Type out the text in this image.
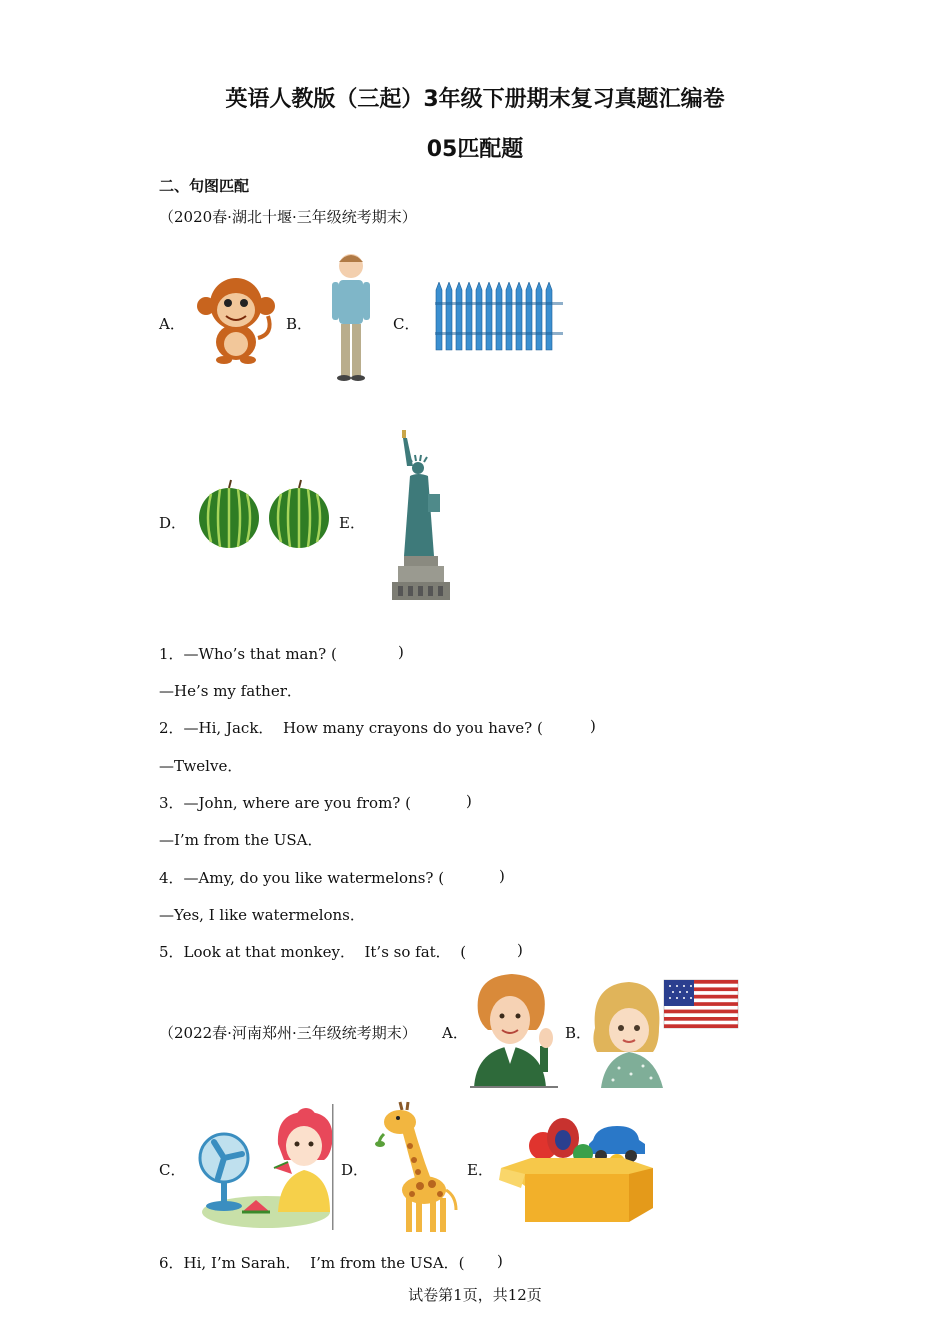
英语人教版（三起）3年级下册期末复习真题汇编卷
05匹配题
二、句图匹配
（2020春·湖北十堰·三年级统考期末）
A．	B．	C．
D．	E．
1．—Who’s that man? (	)
—He’s my father．
2．—Hi, Jack．  How many crayons do you have? (	)
—Twelve．
3．—John, where are you from? (	)
—I’m from the USA．
4．—Amy, do you like watermelons? (	)
—Yes, I like watermelons．
5．Look at that monkey．  It’s so fat．  (	)
（2022春·河南郑州·三年级统考期末） A．	B．
C．	D．	E．
6．Hi, I’m Sarah．  I’m from the USA．( )
试卷第1页，共12页
